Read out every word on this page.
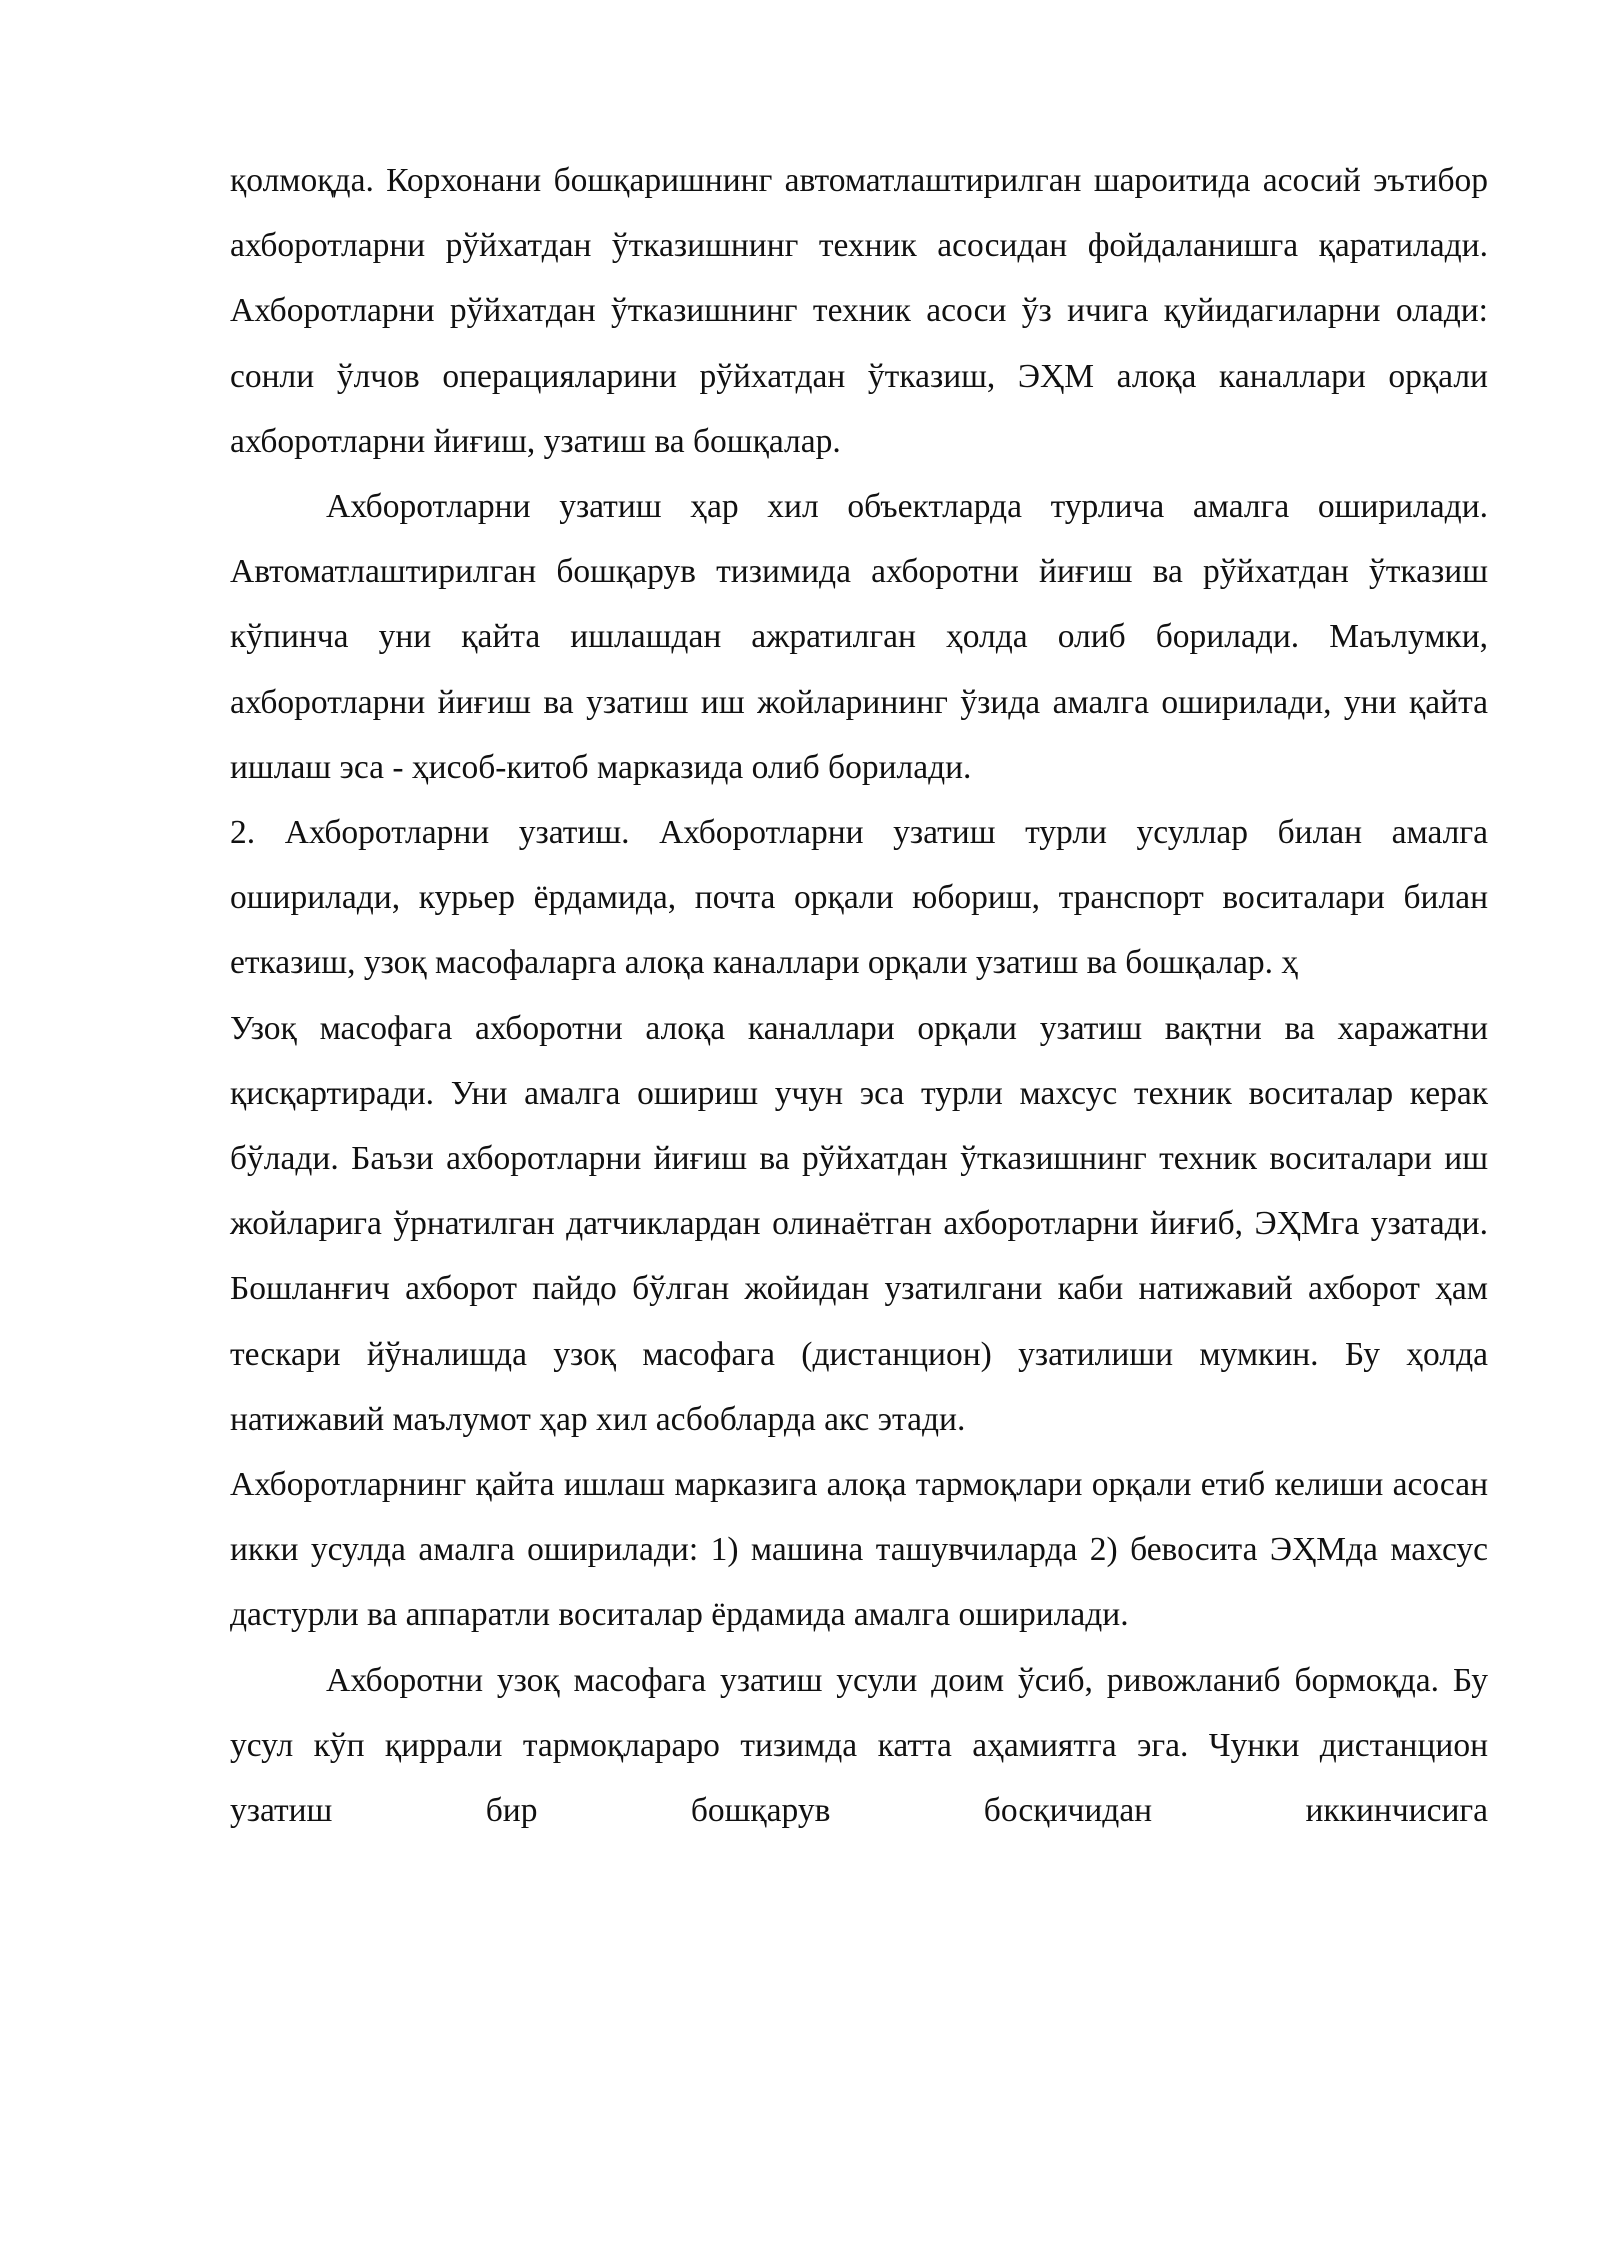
қолмоқда. Корхонани бошқаришнинг автоматлаштирилган шароитида асосий эътибор ахборотларни рўйхатдан ўтказишнинг техник асосидан фойдаланишга қаратилади. Ахборотларни рўйхатдан ўтказишнинг техник асоси ўз ичига қуйидагиларни олади: сонли ўлчов операцияларини рўйхатдан ўтказиш, ЭҲМ алоқа каналлари орқали ахборотларни йиғиш, узатиш ва бошқалар.

Ахборотларни узатиш ҳар хил объектларда турлича амалга оширилади. Автоматлаштирилган бошқарув тизимида ахборотни йиғиш ва рўйхатдан ўтказиш кўпинча уни қайта ишлашдан ажратилган ҳолда олиб борилади. Маълумки, ахборотларни йиғиш ва узатиш иш жойларининг ўзида амалга оширилади, уни қайта ишлаш эса - ҳисоб-китоб марказида олиб борилади.

2. Ахборотларни узатиш. Ахборотларни узатиш турли усуллар билан амалга оширилади, курьер ёрдамида, почта орқали юбориш, транспорт воситалари билан етказиш, узоқ масофаларга алоқа каналлари орқали узатиш ва бошқалар. ҳ

Узоқ масофага ахборотни алоқа каналлари орқали узатиш вақтни ва харажатни қисқартиради. Уни амалга ошириш учун эса турли махсус техник воситалар керак бўлади. Баъзи ахборотларни йиғиш ва рўйхатдан ўтказишнинг техник воситалари иш жойларига ўрнатилган датчиклардан олинаётган ахборотларни йиғиб, ЭҲМга узатади. Бошланғич ахборот пайдо бўлган жойидан узатилгани каби натижавий ахборот ҳам тескари йўналишда узоқ масофага (дистанцион) узатилиши мумкин. Бу ҳолда натижавий маълумот ҳар хил асбобларда акс этади.

Ахборотларнинг қайта ишлаш марказига алоқа тармоқлари орқали етиб келиши асосан икки усулда амалга оширилади: 1) машина ташувчиларда 2) бевосита ЭҲМда махсус дастурли ва аппаратли воситалар ёрдамида амалга оширилади.

Ахборотни узоқ масофага узатиш усули доим ўсиб, ривожланиб бормоқда. Бу усул кўп қиррали тармоқлараро тизимда катта аҳамиятга эга. Чунки дистанцион узатиш бир бошқарув босқичидан иккинчисига
